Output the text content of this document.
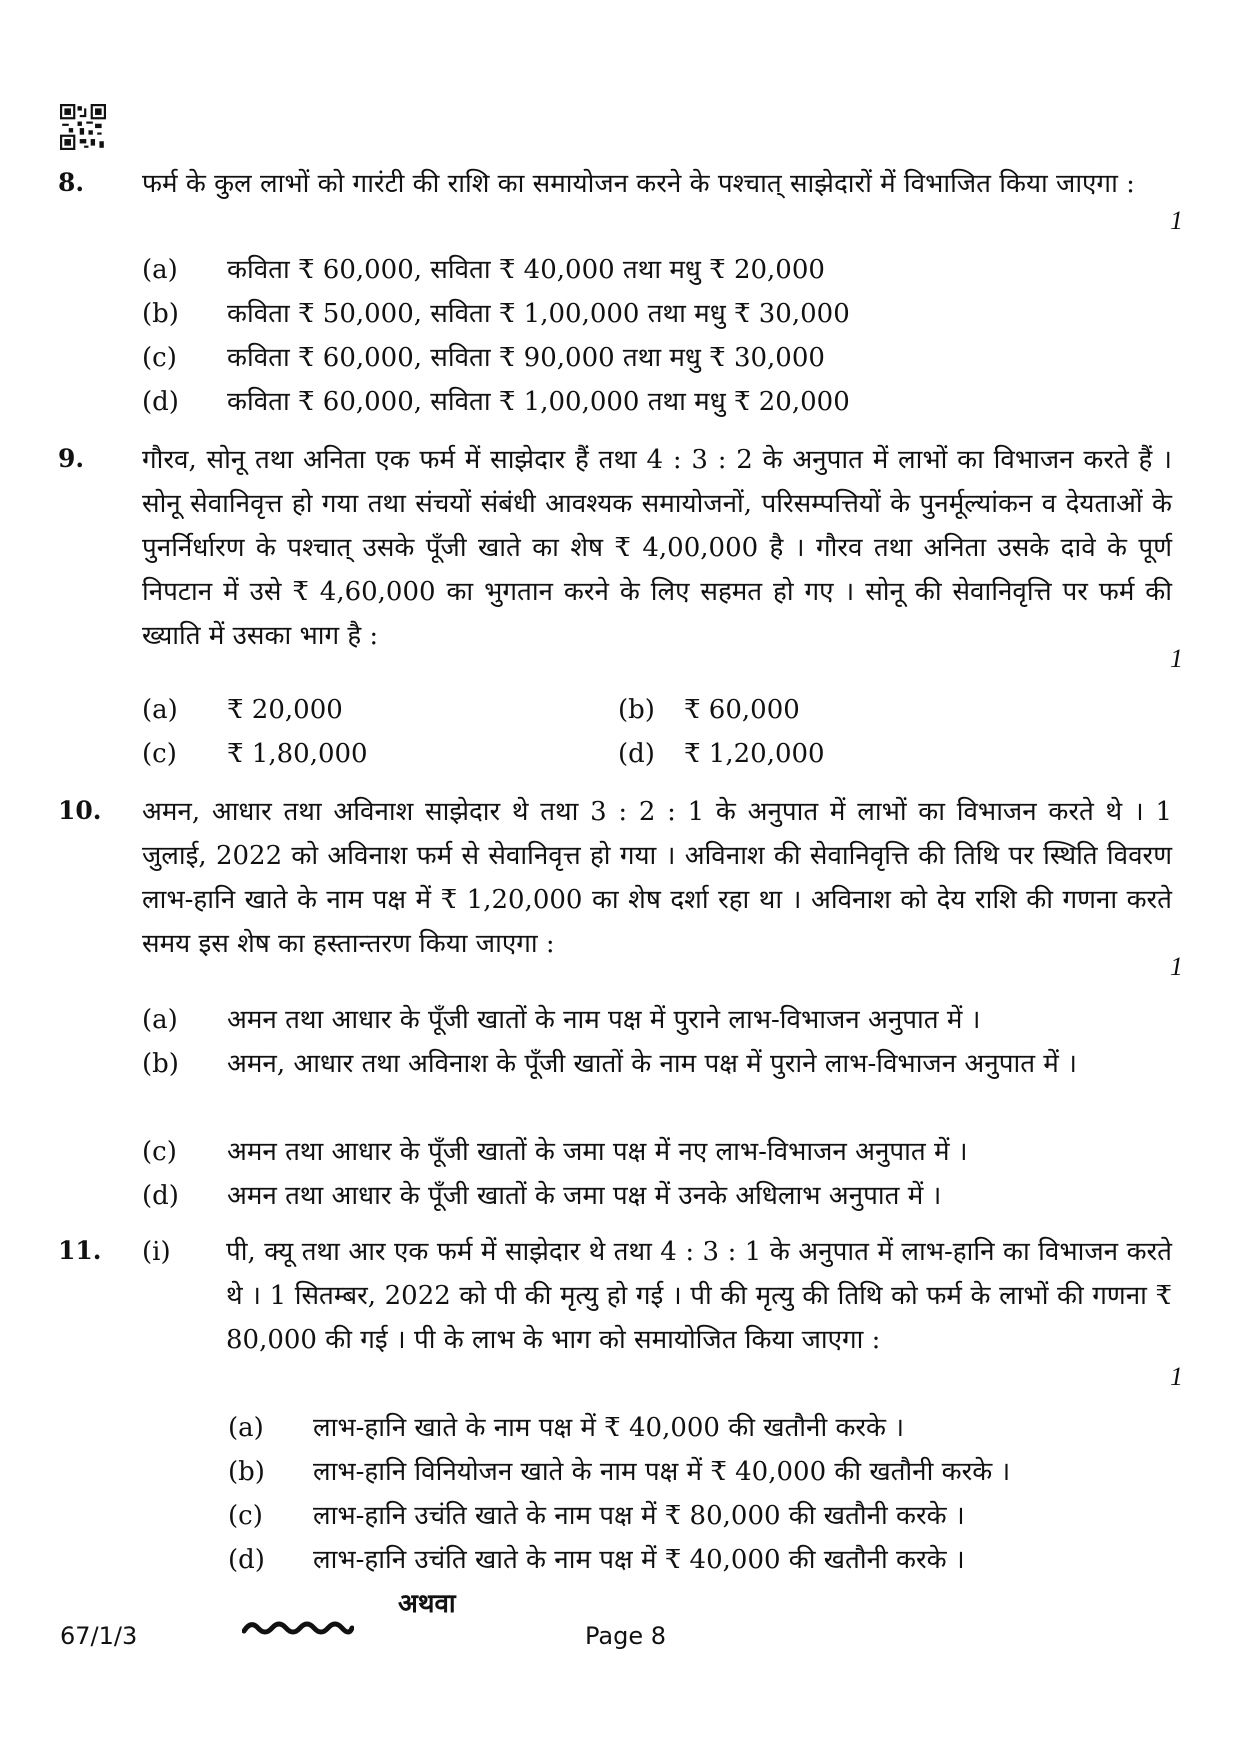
8. फर्म के कुल लाभों को गारंटी की राशि का समायोजन करने के पश्चात् साझेदारों में विभाजित किया जाएगा :
1
(a)	कविता ₹ 60,000, सविता ₹ 40,000 तथा मधु ₹ 20,000
(b)	कविता ₹ 50,000, सविता ₹ 1,00,000 तथा मधु ₹ 30,000
(c)	कविता ₹ 60,000, सविता ₹ 90,000 तथा मधु ₹ 30,000
(d)	कविता ₹ 60,000, सविता ₹ 1,00,000 तथा मधु ₹ 20,000
9. गौरव, सोनू तथा अनिता एक फर्म में साझेदार हैं तथा 4 : 3 : 2 के अनुपात में लाभों का विभाजन करते हैं । सोनू सेवानिवृत्त हो गया तथा संचयों संबंधी आवश्यक समायोजनों, परिसम्पत्तियों के पुनर्मूल्यांकन व देयताओं के पुनर्निर्धारण के पश्चात् उसके पूँजी खाते का शेष ₹ 4,00,000 है । गौरव तथा अनिता उसके दावे के पूर्ण निपटान में उसे ₹ 4,60,000 का भुगतान करने के लिए सहमत हो गए । सोनू की सेवानिवृत्ति पर फर्म की ख्याति में उसका भाग है :
1
(a)	₹ 20,000	(b)	₹ 60,000
(c)	₹ 1,80,000	(d)	₹ 1,20,000
10. अमन, आधार तथा अविनाश साझेदार थे तथा 3 : 2 : 1 के अनुपात में लाभों का विभाजन करते थे । 1 जुलाई, 2022 को अविनाश फर्म से सेवानिवृत्त हो गया । अविनाश की सेवानिवृत्ति की तिथि पर स्थिति विवरण लाभ-हानि खाते के नाम पक्ष में ₹ 1,20,000 का शेष दर्शा रहा था । अविनाश को देय राशि की गणना करते समय इस शेष का हस्तान्तरण किया जाएगा :
1
(a)	अमन तथा आधार के पूँजी खातों के नाम पक्ष में पुराने लाभ-विभाजन अनुपात में ।
(b)	अमन, आधार तथा अविनाश के पूँजी खातों के नाम पक्ष में पुराने लाभ-विभाजन अनुपात में ।
(c)	अमन तथा आधार के पूँजी खातों के जमा पक्ष में नए लाभ-विभाजन अनुपात में ।
(d)	अमन तथा आधार के पूँजी खातों के जमा पक्ष में उनके अधिलाभ अनुपात में ।
11. (i) पी, क्यू तथा आर एक फर्म में साझेदार थे तथा 4 : 3 : 1 के अनुपात में लाभ-हानि का विभाजन करते थे । 1 सितम्बर, 2022 को पी की मृत्यु हो गई । पी की मृत्यु की तिथि को फर्म के लाभों की गणना ₹ 80,000 की गई । पी के लाभ के भाग को समायोजित किया जाएगा :
1
(a)	लाभ-हानि खाते के नाम पक्ष में ₹ 40,000 की खतौनी करके ।
(b)	लाभ-हानि विनियोजन खाते के नाम पक्ष में ₹ 40,000 की खतौनी करके ।
(c)	लाभ-हानि उचंति खाते के नाम पक्ष में ₹ 80,000 की खतौनी करके ।
(d)	लाभ-हानि उचंति खाते के नाम पक्ष में ₹ 40,000 की खतौनी करके ।
अथवा
67/1/3	Page 8
